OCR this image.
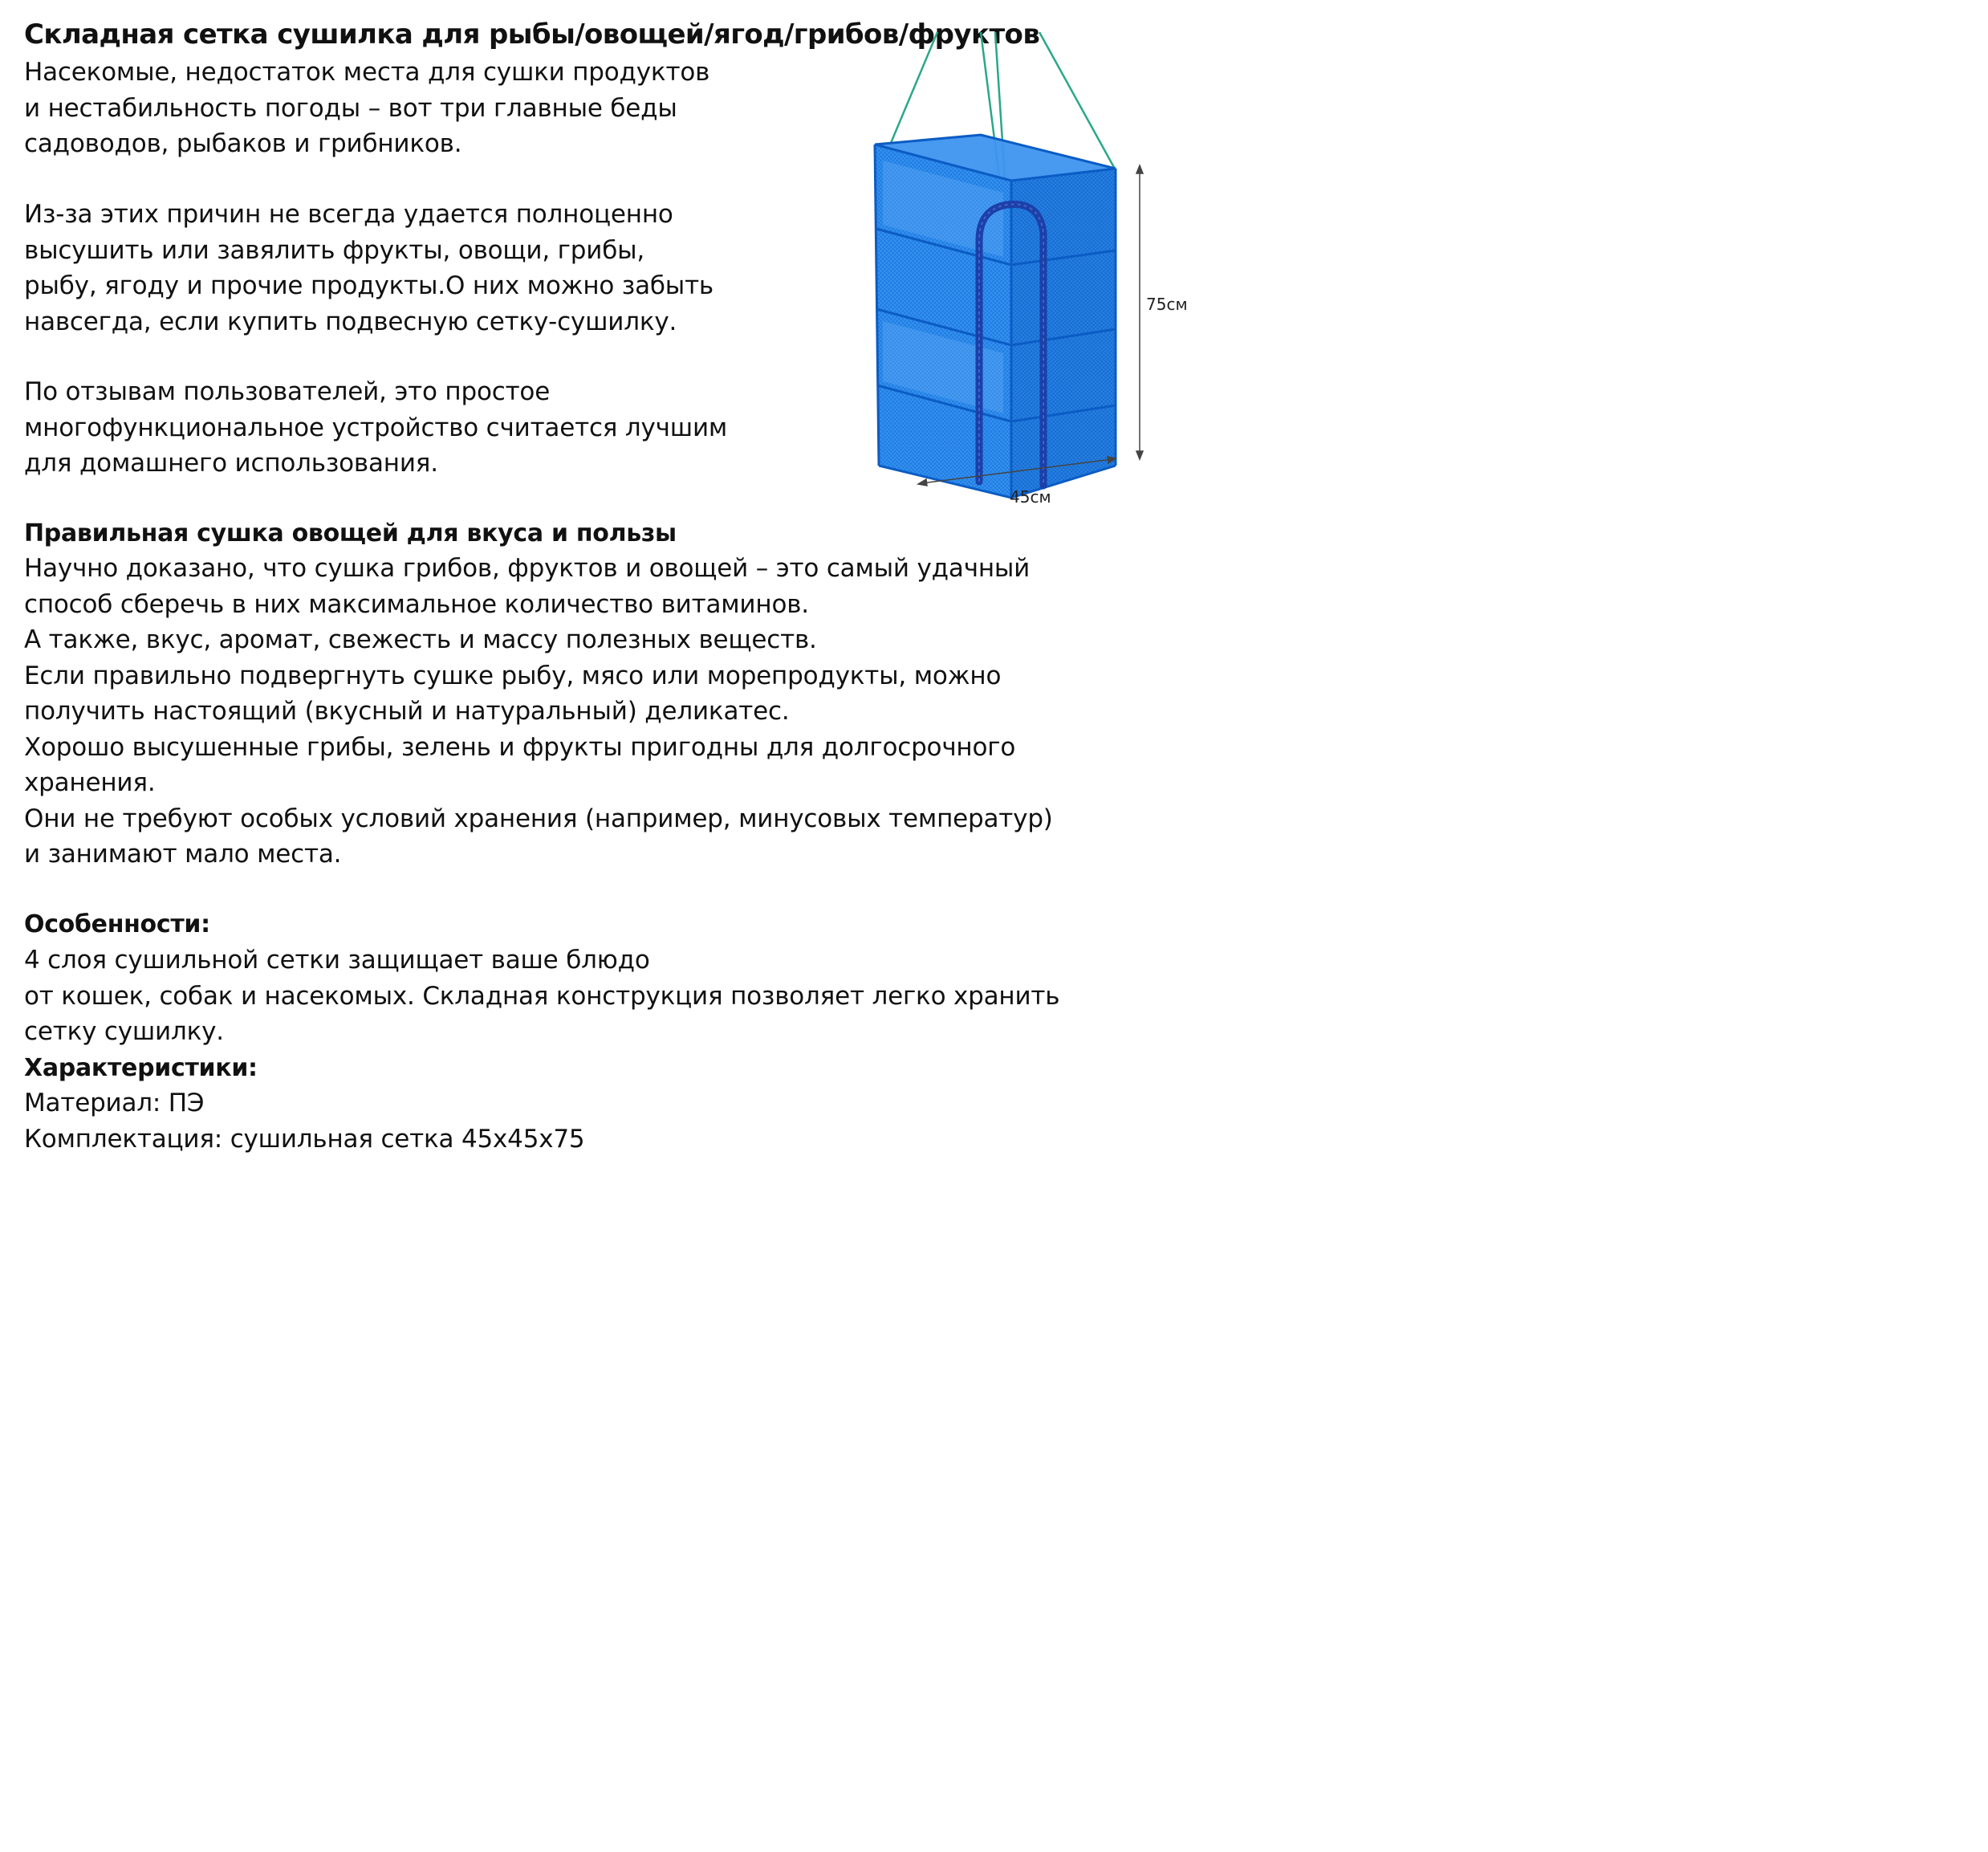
Складная сетка сушилка для рыбы/овощей/ягод/грибов/фруктов

Насекомые, недостаток места для сушки продуктов
и нестабильность погоды – вот три главные беды
садоводов, рыбаков и грибников.

Из-за этих причин не всегда удается полноценно
высушить или завялить фрукты, овощи, грибы,
рыбу, ягоду и прочие продукты.О них можно забыть
навсегда, если купить подвесную сетку-сушилку.

По отзывам пользователей, это простое
многофункциональное устройство считается лучшим
для домашнего использования.

75см
45см
Правильная сушка овощей для вкуса и пользы

Научно доказано, что сушка грибов, фруктов и овощей – это самый удачный
способ сберечь в них максимальное количество витаминов.
А также, вкус, аромат, свежесть и массу полезных веществ.
Если правильно подвергнуть сушке рыбу, мясо или морепродукты, можно
получить настоящий (вкусный и натуральный) деликатес.
Хорошо высушенные грибы, зелень и фрукты пригодны для долгосрочного
хранения.
Они не требуют особых условий хранения (например, минусовых температур)
и занимают мало места.

Особенности:

4 слоя сушильной сетки защищает ваше блюдо
от кошек, собак и насекомых. Складная конструкция позволяет легко хранить
сетку сушилку.

Характеристики:

Материал: ПЭ
Комплектация: сушильная сетка 45х45х75
